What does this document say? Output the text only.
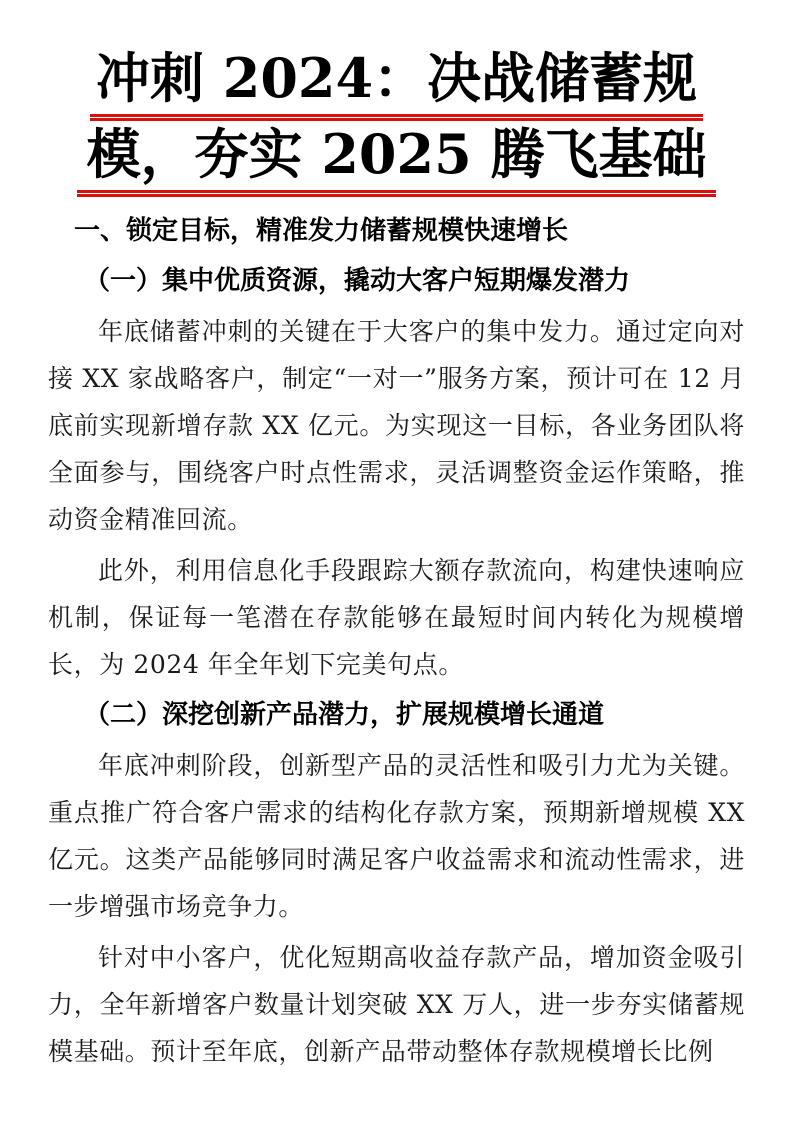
冲刺 2024：决战储蓄规
模，夯实 2025 腾飞基础
一、锁定目标，精准发力储蓄规模快速增长
（一）集中优质资源，撬动大客户短期爆发潜力

年底储蓄冲刺的关键在于大客户的集中发力。通过定向对接 XX 家战略客户，制定“一对一”服务方案，预计可在 12 月底前实现新增存款 XX 亿元。为实现这一目标，各业务团队将全面参与，围绕客户时点性需求，灵活调整资金运作策略，推动资金精准回流。

此外，利用信息化手段跟踪大额存款流向，构建快速响应机制，保证每一笔潜在存款能够在最短时间内转化为规模增长，为 2024 年全年划下完美句点。

（二）深挖创新产品潜力，扩展规模增长通道

年底冲刺阶段，创新型产品的灵活性和吸引力尤为关键。重点推广符合客户需求的结构化存款方案，预期新增规模 XX 亿元。这类产品能够同时满足客户收益需求和流动性需求，进一步增强市场竞争力。

针对中小客户，优化短期高收益存款产品，增加资金吸引力，全年新增客户数量计划突破 XX 万人，进一步夯实储蓄规模基础。预计至年底，创新产品带动整体存款规模增长比例
